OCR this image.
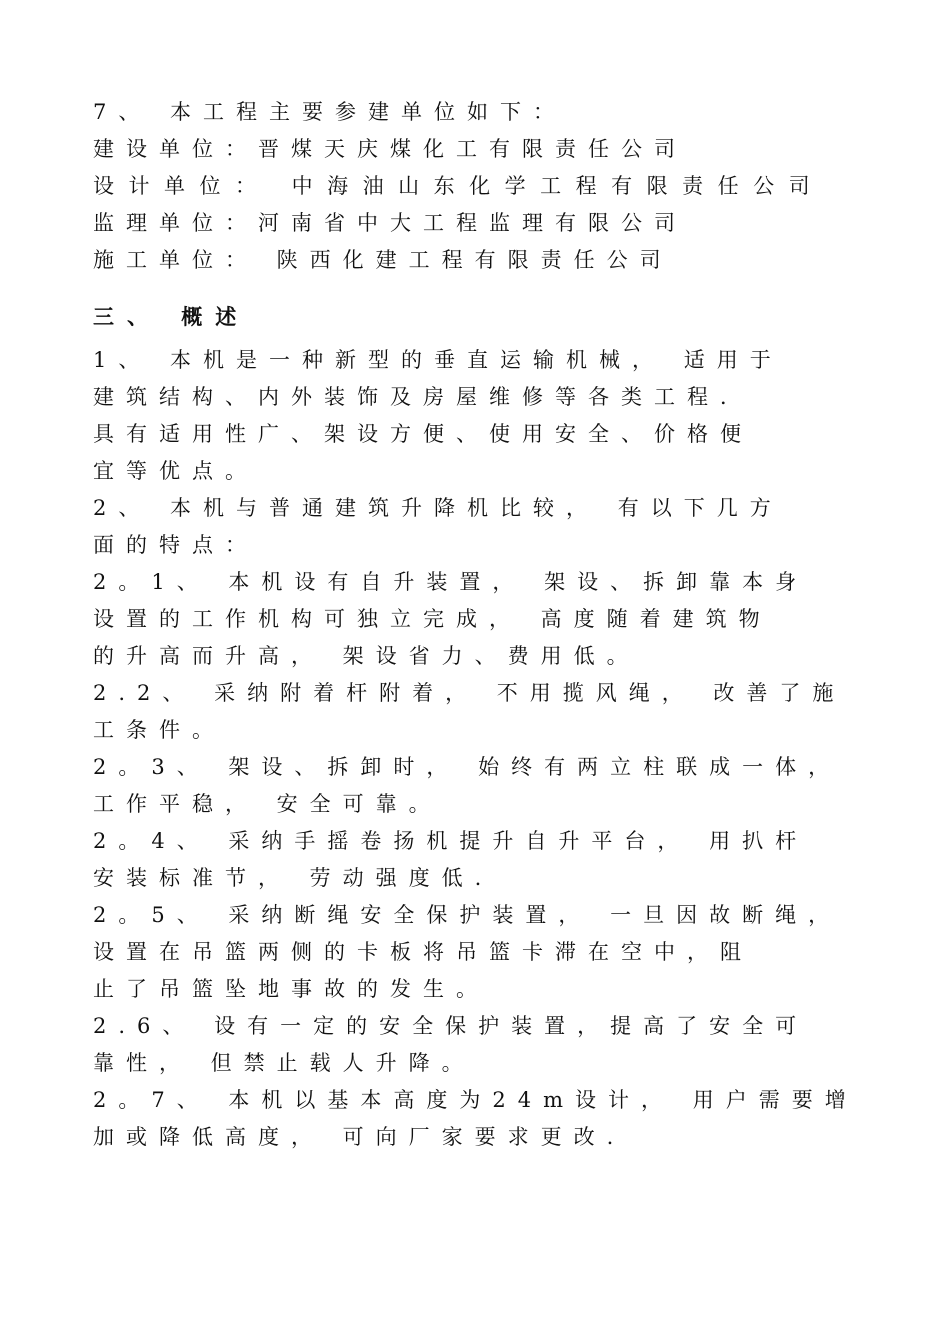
7、 本工程主要参建单位如下：
建设单位：晋煤天庆煤化工有限责任公司
设计单位： 中海油山东化学工程有限责任公司
监理单位：河南省中大工程监理有限公司
施工单位： 陕西化建工程有限责任公司
三、 概述
1、 本机是一种新型的垂直运输机械， 适用于
建筑结构、内外装饰及房屋维修等各类工程．
具有适用性广、架设方便、使用安全、价格便
宜等优点。
2、 本机与普通建筑升降机比较， 有以下几方
面的特点：
2。1、 本机设有自升装置， 架设、拆卸靠本身
设置的工作机构可独立完成， 高度随着建筑物
的升高而升高， 架设省力、费用低。
2.2、 采纳附着杆附着， 不用揽风绳， 改善了施
工条件。
2。3、 架设、拆卸时， 始终有两立柱联成一体，
工作平稳， 安全可靠。
2。4、 采纳手摇卷扬机提升自升平台， 用扒杆
安装标准节， 劳动强度低.
2。5、 采纳断绳安全保护装置， 一旦因故断绳，
设置在吊篮两侧的卡板将吊篮卡滞在空中，阻
止了吊篮坠地事故的发生。
2.6、 设有一定的安全保护装置，提高了安全可
靠性， 但禁止载人升降。
2。7、 本机以基本高度为24m设计， 用户需要增
加或降低高度， 可向厂家要求更改.
